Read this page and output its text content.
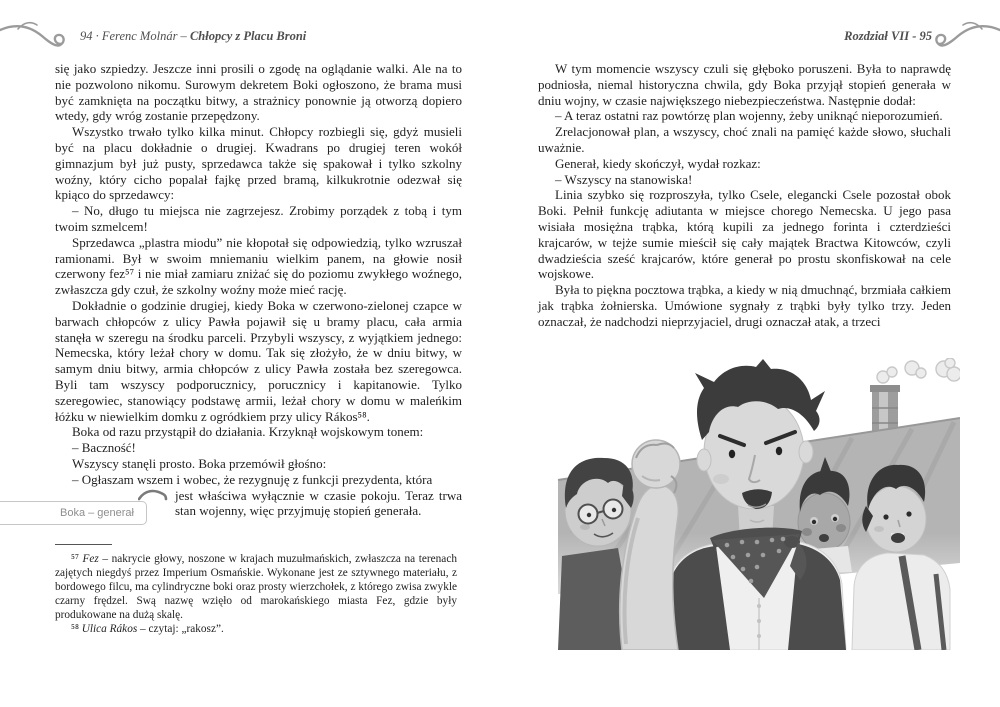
94 · Ferenc Molnár – Chłopcy z Placu Broni	Rozdział VII - 95

się jako szpiedzy. Jeszcze inni prosili o zgodę na oglądanie walki. Ale na to nie pozwolono nikomu. Surowym dekretem Boki ogłoszono, że brama musi być zamknięta na początku bitwy, a strażnicy ponownie ją otworzą dopiero wtedy, gdy wróg zostanie przepędzony.

Wszystko trwało tylko kilka minut. Chłopcy rozbiegli się, gdyż musieli być na placu dokładnie o drugiej. Kwadrans po drugiej teren wokół gimnazjum był już pusty, sprzedawca także się spakował i tylko szkolny woźny, który cicho popalał fajkę przed bramą, kilkukrotnie odezwał się kpiąco do sprzedawcy:

– No, długo tu miejsca nie zagrzejesz. Zrobimy porządek z tobą i tym twoim szmelcem!

Sprzedawca „plastra miodu” nie kłopotał się odpowiedzią, tylko wzruszał ramionami. Był w swoim mniemaniu wielkim panem, na głowie nosił czerwony fez⁵⁷ i nie miał zamiaru zniżać się do poziomu zwykłego woźnego, zwłaszcza gdy czuł, że szkolny woźny może mieć rację.

Dokładnie o godzinie drugiej, kiedy Boka w czerwono-zielonej czapce w barwach chłopców z ulicy Pawła pojawił się u bramy placu, cała armia stanęła w szeregu na środku parceli. Przybyli wszyscy, z wyjątkiem jednego: Nemecska, który leżał chory w domu. Tak się złożyło, że w dniu bitwy, w samym dniu bitwy, armia chłopców z ulicy Pawła została bez szeregowca. Byli tam wszyscy podporucznicy, porucznicy i kapitanowie. Tylko szeregowiec, stanowiący podstawę armii, leżał chory w domu w maleńkim łóżku w niewielkim domku z ogródkiem przy ulicy Rákos⁵⁸.

Boka od razu przystąpił do działania. Krzyknął wojskowym tonem:

– Baczność!

Wszyscy stanęli prosto. Boka przemówił głośno:

– Ogłaszam wszem i wobec, że rezygnuję z funkcji prezydenta, która

jest właściwa wyłącznie w czasie pokoju. Teraz trwa stan wojenny, więc przyjmuję stopień generała.
Boka – generał

⁵⁷ Fez – nakrycie głowy, noszone w krajach muzułmańskich, zwłaszcza na terenach zajętych niegdyś przez Imperium Osmańskie. Wykonane jest ze sztywnego materiału, z bordowego filcu, ma cylindryczne boki oraz prosty wierzchołek, z którego zwisa zwykle czarny frędzel. Swą nazwę wzięło od marokańskiego miasta Fez, gdzie były produkowane na dużą skalę.

⁵⁸ Ulica Rákos – czytaj: „rakosz”.

W tym momencie wszyscy czuli się głęboko poruszeni. Była to naprawdę podniosła, niemal historyczna chwila, gdy Boka przyjął stopień generała w dniu wojny, w czasie największego niebezpieczeństwa. Następnie dodał:

– A teraz ostatni raz powtórzę plan wojenny, żeby uniknąć nieporozumień.

Zrelacjonował plan, a wszyscy, choć znali na pamięć każde słowo, słuchali uważnie.

Generał, kiedy skończył, wydał rozkaz:

– Wszyscy na stanowiska!

Linia szybko się rozproszyła, tylko Csele, elegancki Csele pozostał obok Boki. Pełnił funkcję adiutanta w miejsce chorego Nemecska. U jego pasa wisiała mosiężna trąbka, którą kupili za jednego forinta i czterdzieści krajcarów, w tejże sumie mieścił się cały majątek Bractwa Kitowców, czyli dwadzieścia sześć krajcarów, które generał po prostu skonfiskował na cele wojskowe.

Była to piękna pocztowa trąbka, a kiedy w nią dmuchnąć, brzmiała całkiem jak trąbka żołnierska. Umówione sygnały z trąbki były tylko trzy. Jeden oznaczał, że nadchodzi nieprzyjaciel, drugi oznaczał atak, a trzeci
